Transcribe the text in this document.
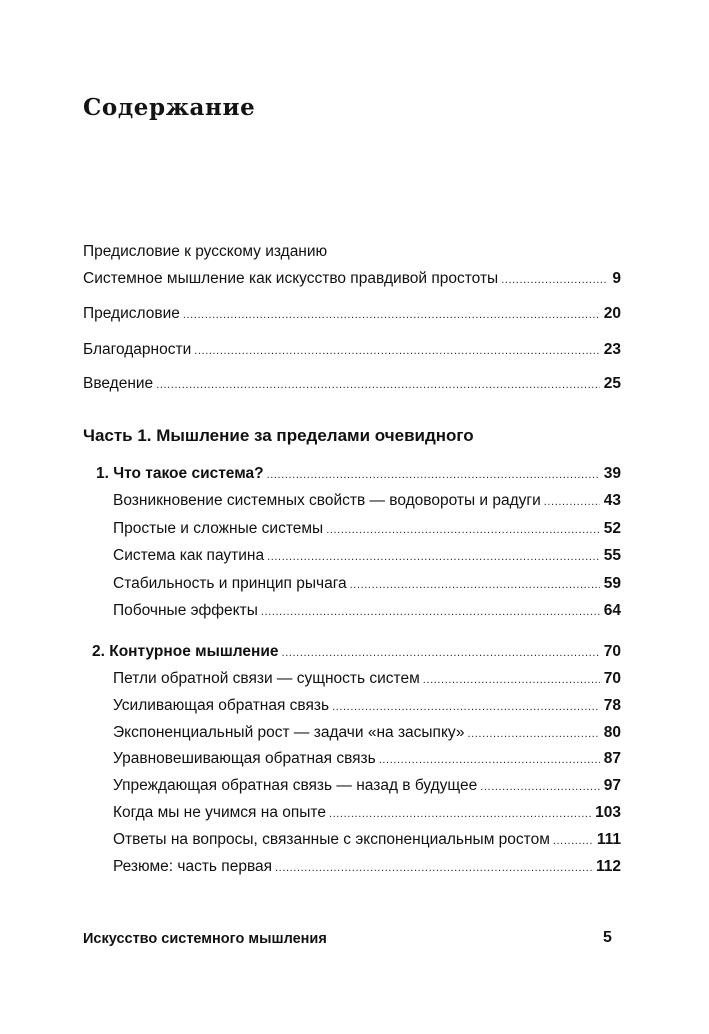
Содержание
Предисловие к русскому изданию
Системное мышление как искусство правдивой простоты .....	9
Предисловие .....	20
Благодарности .....	23
Введение .....	25
Часть 1. Мышление за пределами очевидного
1. Что такое система? .....	39
Возникновение системных свойств — водовороты и радуги .....	43
Простые и сложные системы .....	52
Система как паутина .....	55
Стабильность и принцип рычага .....	59
Побочные эффекты .....	64
2. Контурное мышление .....	70
Петли обратной связи — сущность систем .....	70
Усиливающая обратная связь .....	78
Экспоненциальный рост — задачи «на засыпку» .....	80
Уравновешивающая обратная связь .....	87
Упреждающая обратная связь — назад в будущее .....	97
Когда мы не учимся на опыте .....	103
Ответы на вопросы, связанные с экспоненциальным ростом .....	111
Резюме: часть первая .....	112
Искусство системного мышления	5
